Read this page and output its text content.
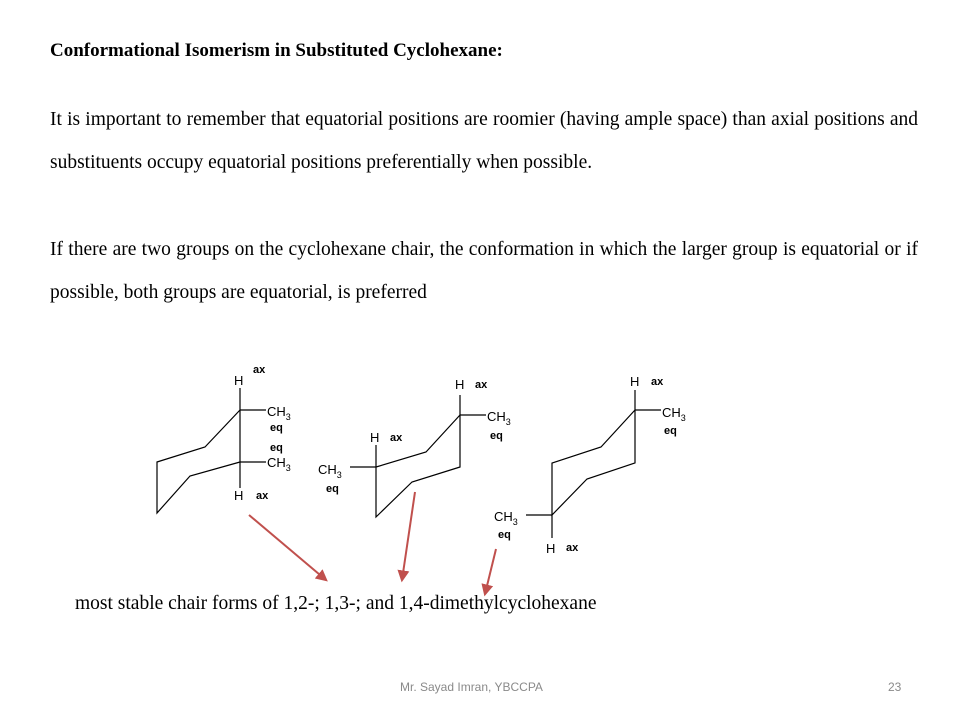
Conformational Isomerism in Substituted Cyclohexane:

It is important to remember that equatorial positions are roomier (having ample space) than axial positions and substituents occupy equatorial positions preferentially when possible.

If there are two groups on the cyclohexane chair, the conformation in which the larger group is equatorial or if possible, both groups are equatorial, is preferred

H
ax
$CH_3$
eq
eq
$CH_3$
H ax
H ax
$CH_3$
eq
H ax
$CH_3$
eq
H ax
$CH_3$
eq
$CH_3$
eq
H ax

most stable chair forms of 1,2-; 1,3-; and 1,4-dimethylcyclohexane

Mr. Sayad Imran, YBCCPA	23
